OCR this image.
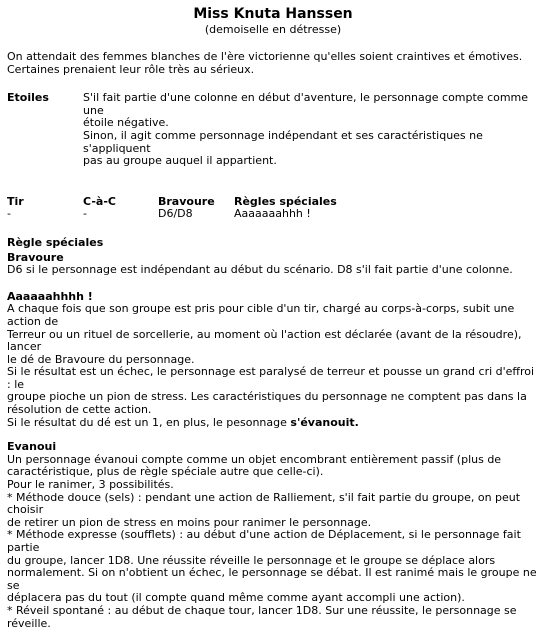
Miss Knuta Hanssen
(demoiselle en détresse)

On attendait des femmes blanches de l'ère victorienne qu'elles soient craintives et émotives.

Certaines prenaient leur rôle très au sérieux.

Etoiles	S'il fait partie d'une colonne en début d'aventure, le personnage compte comme une

étoile négative.

Sinon, il agit comme personnage indépendant et ses caractéristiques ne s'appliquent

pas au groupe auquel il appartient.

Tir	C-à-C	Bravoure	Règles spéciales
-	-	D6/D8	Aaaaaaahhh !
Règle spéciales
Bravoure

D6 si le personnage est indépendant au début du scénario. D8 s'il fait partie d'une colonne.

Aaaaaahhhh !

A chaque fois que son groupe est pris pour cible d'un tir, chargé au corps-à-corps, subit une action de

Terreur ou un rituel de sorcellerie, au moment où l'action est déclarée (avant de la résoudre), lancer

le dé de Bravoure du personnage.

Si le résultat est un échec, le personnage est paralysé de terreur et pousse un grand cri d'effroi : le

groupe pioche un pion de stress. Les caractéristiques du personnage ne comptent pas dans la

résolution de cette action.

Si le résultat du dé est un 1, en plus, le pesonnage s'évanouit.

Evanoui

Un personnage évanoui compte comme un objet encombrant entièrement passif (plus de

caractéristique, plus de règle spéciale autre que celle-ci).

Pour le ranimer, 3 possibilités.

* Méthode douce (sels) : pendant une action de Ralliement, s'il fait partie du groupe, on peut choisir

de retirer un pion de stress en moins pour ranimer le personnage.

* Méthode expresse (soufflets) : au début d'une action de Déplacement, si le personnage fait partie

du groupe, lancer 1D8. Une réussite réveille le personnage et le groupe se déplace alors

normalement. Si on n'obtient un échec, le personnage se débat. Il est ranimé mais le groupe ne se

déplacera pas du tout (il compte quand même comme ayant accompli une action).

* Réveil spontané : au début de chaque tour, lancer 1D8. Sur une réussite, le personnage se réveille.
